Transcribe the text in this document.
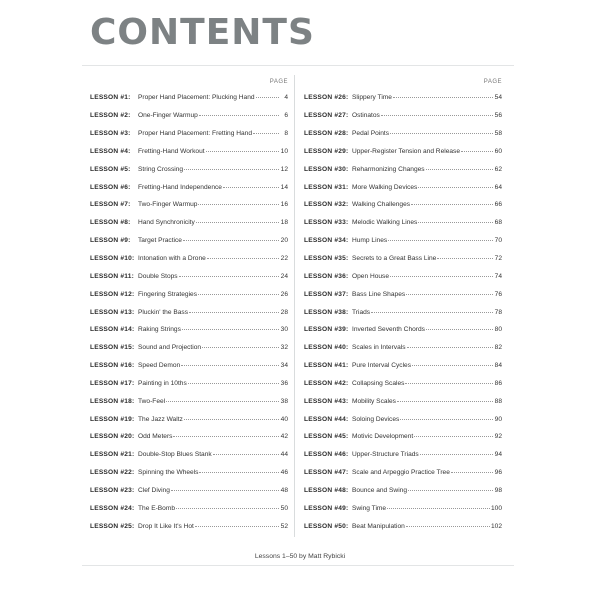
CONTENTS
PAGE
LESSON #1:	Proper Hand Placement: Plucking Hand	4
LESSON #2:	One-Finger Warmup	6
LESSON #3:	Proper Hand Placement: Fretting Hand	8
LESSON #4:	Fretting-Hand Workout	10
LESSON #5:	String Crossing	12
LESSON #6:	Fretting-Hand Independence	14
LESSON #7:	Two-Finger Warmup	16
LESSON #8:	Hand Synchronicity	18
LESSON #9:	Target Practice	20
LESSON #10: Intonation with a Drone	22
LESSON #11: Double Stops	24
LESSON #12: Fingering Strategies	26
LESSON #13: Pluckin' the Bass	28
LESSON #14: Raking Strings	30
LESSON #15: Sound and Projection	32
LESSON #16: Speed Demon	34
LESSON #17: Painting in 10ths	36
LESSON #18: Two-Feel	38
LESSON #19: The Jazz Waltz	40
LESSON #20: Odd Meters	42
LESSON #21: Double-Stop Blues Stank	44
LESSON #22: Spinning the Wheels	46
LESSON #23: Clef Diving	48
LESSON #24: The E-Bomb	50
LESSON #25: Drop It Like It's Hot	52
PAGE
LESSON #26: Slippery Time	54
LESSON #27: Ostinatos	56
LESSON #28: Pedal Points	58
LESSON #29: Upper-Register Tension and Release	60
LESSON #30: Reharmonizing Changes	62
LESSON #31: More Walking Devices	64
LESSON #32: Walking Challenges	66
LESSON #33: Melodic Walking Lines	68
LESSON #34: Hump Lines	70
LESSON #35: Secrets to a Great Bass Line	72
LESSON #36: Open House	74
LESSON #37: Bass Line Shapes	76
LESSON #38: Triads	78
LESSON #39: Inverted Seventh Chords	80
LESSON #40: Scales in Intervals	82
LESSON #41: Pure Interval Cycles	84
LESSON #42: Collapsing Scales	86
LESSON #43: Mobility Scales	88
LESSON #44: Soloing Devices	90
LESSON #45: Motivic Development	92
LESSON #46: Upper-Structure Triads	94
LESSON #47: Scale and Arpeggio Practice Tree	96
LESSON #48: Bounce and Swing	98
LESSON #49: Swing Time	100
LESSON #50: Beat Manipulation	102
Lessons 1–50 by Matt Rybicki
